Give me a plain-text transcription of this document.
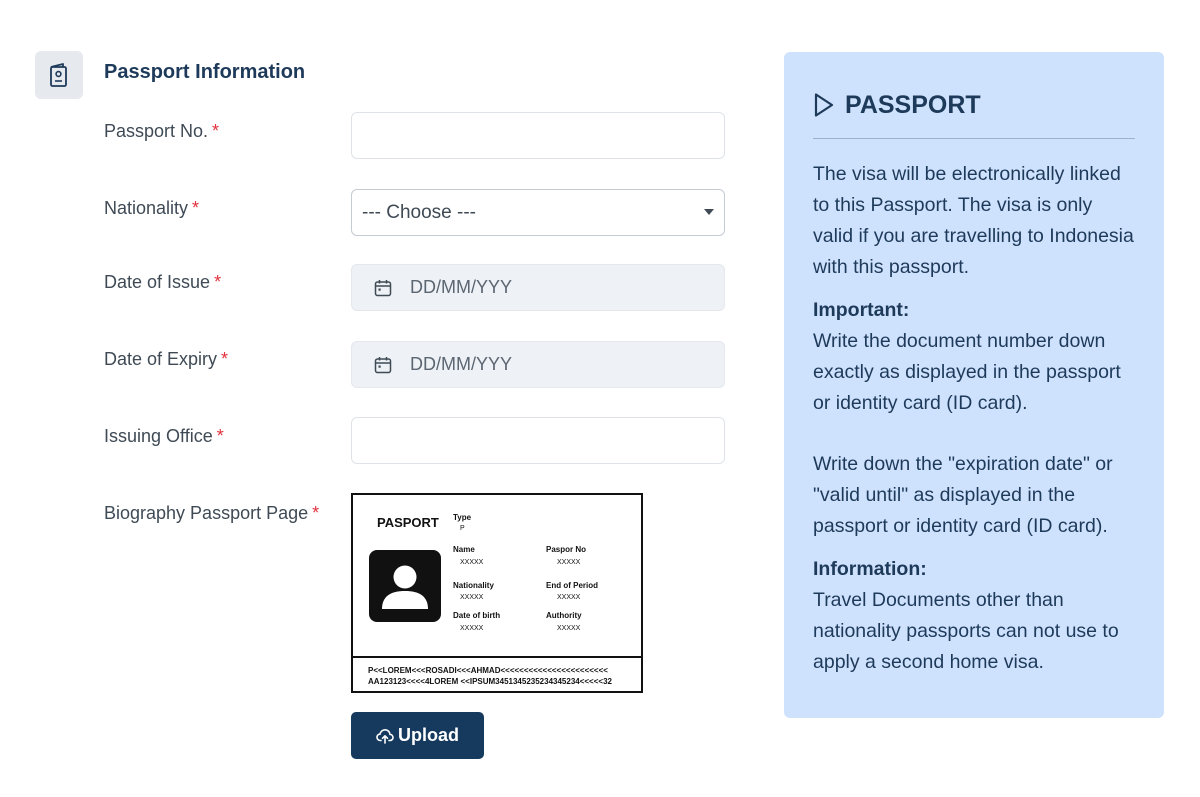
Passport Information
Passport No. *
Nationality *	--- Choose ---
Date of Issue *	DD/MM/YYY
Date of Expiry *	DD/MM/YYY
Issuing Office *
Biography Passport Page *	PASPORT Type
P
Name
XXXXX
Paspor No
XXXXX
Nationality
XXXXX
End of Period
XXXXX
Date of birth
XXXXX
Authority
XXXXX
P<<LOREM<<<ROSADI<<<AHMAD<<<<<<<<<<<<<<<<<<<<<<<
AA123123<<<<4LOREM <<IPSUM3451345235234345234<<<<<32
Upload
PASSPORT
The visa will be electronically linked to this Passport. The visa is only valid if you are travelling to Indonesia with this passport.
Important:
Write the document number down exactly as displayed in the passport or identity card (ID card).
Write down the "expiration date" or "valid until" as displayed in the passport or identity card (ID card).
Information:
Travel Documents other than nationality passports can not use to apply a second home visa.
